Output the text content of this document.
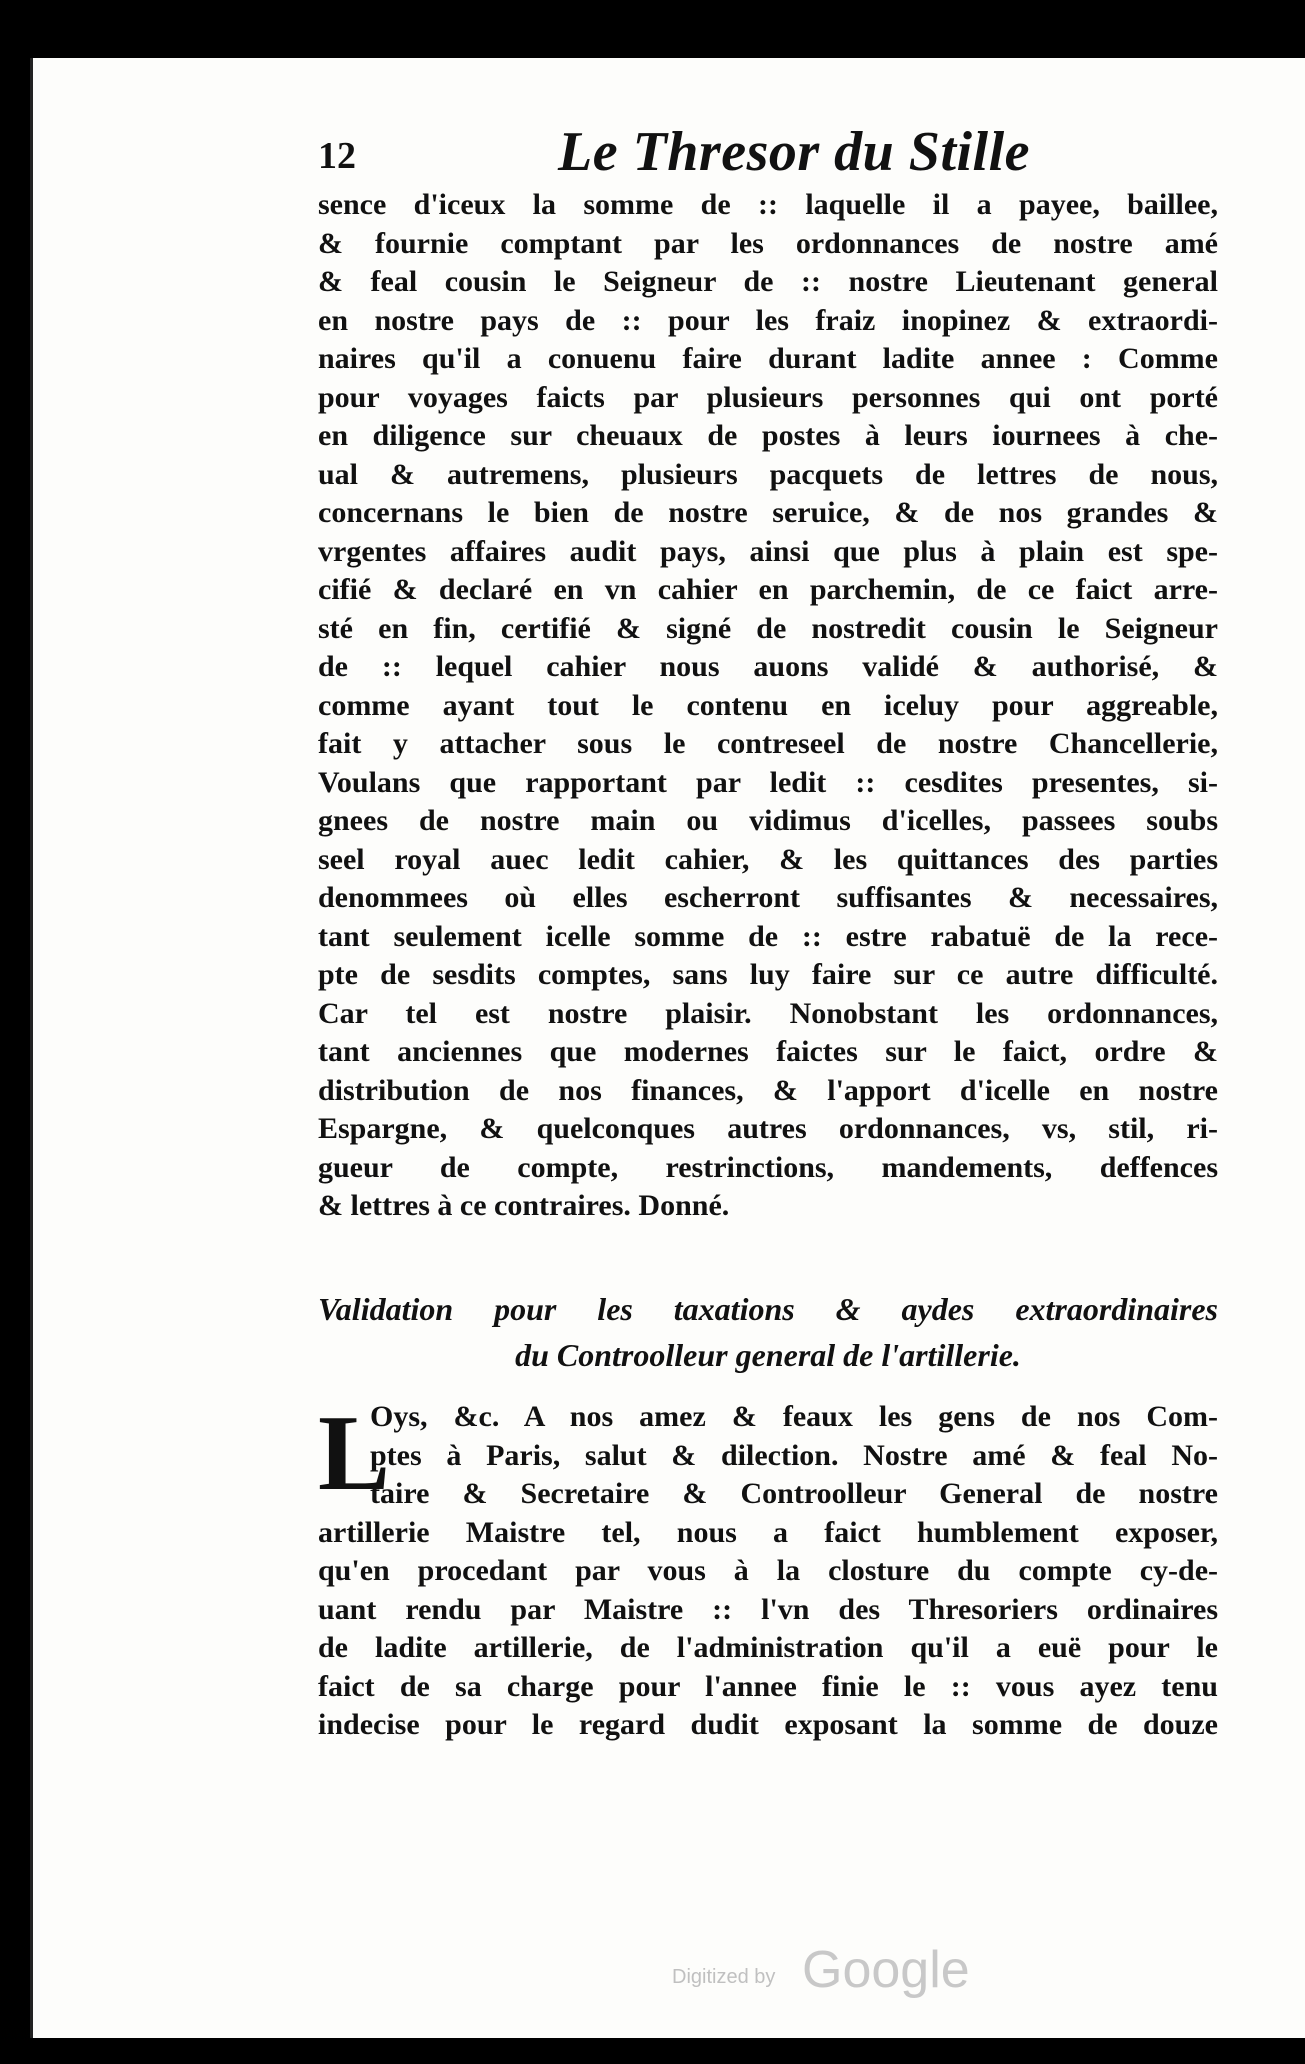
12	Le Thresor du Stille
sence d'iceux la somme de :: laquelle il a payee, baillee,
& fournie comptant par les ordonnances de nostre amé
& feal cousin le Seigneur de :: nostre Lieutenant general
en nostre pays de :: pour les fraiz inopinez & extraordi-
naires qu'il a conuenu faire durant ladite annee : Comme
pour voyages faicts par plusieurs personnes qui ont porté
en diligence sur cheuaux de postes à leurs iournees à che-
ual & autremens, plusieurs pacquets de lettres de nous,
concernans le bien de nostre seruice, & de nos grandes &
vrgentes affaires audit pays, ainsi que plus à plain est spe-
cifié & declaré en vn cahier en parchemin, de ce faict arre-
sté en fin, certifié & signé de nostredit cousin le Seigneur
de :: lequel cahier nous auons validé & authorisé, &
comme ayant tout le contenu en iceluy pour aggreable,
fait y attacher sous le contreseel de nostre Chancellerie,
Voulans que rapportant par ledit :: cesdites presentes, si-
gnees de nostre main ou vidimus d'icelles, passees soubs
seel royal auec ledit cahier, & les quittances des parties
denommees où elles escherront suffisantes & necessaires,
tant seulement icelle somme de :: estre rabatuë de la rece-
pte de sesdits comptes, sans luy faire sur ce autre difficulté.
Car tel est nostre plaisir. Nonobstant les ordonnances,
tant anciennes que modernes faictes sur le faict, ordre &
distribution de nos finances, & l'apport d'icelle en nostre
Espargne, & quelconques autres ordonnances, vs, stil, ri-
gueur de compte, restrinctions, mandements, deffences
& lettres à ce contraires. Donné.
Validation pour les taxations & aydes extraordinaires
du Controolleur general de l'artillerie.
L
Oys, &c. A nos amez & feaux les gens de nos Com-
ptes à Paris, salut & dilection. Nostre amé & feal No-
taire & Secretaire & Controolleur General de nostre
artillerie Maistre tel, nous a faict humblement exposer,
qu'en procedant par vous à la closture du compte cy-de-
uant rendu par Maistre :: l'vn des Thresoriers ordinaires
de ladite artillerie, de l'administration qu'il a euë pour le
faict de sa charge pour l'annee finie le :: vous ayez tenu
indecise pour le regard dudit exposant la somme de douze
Digitized by Google
